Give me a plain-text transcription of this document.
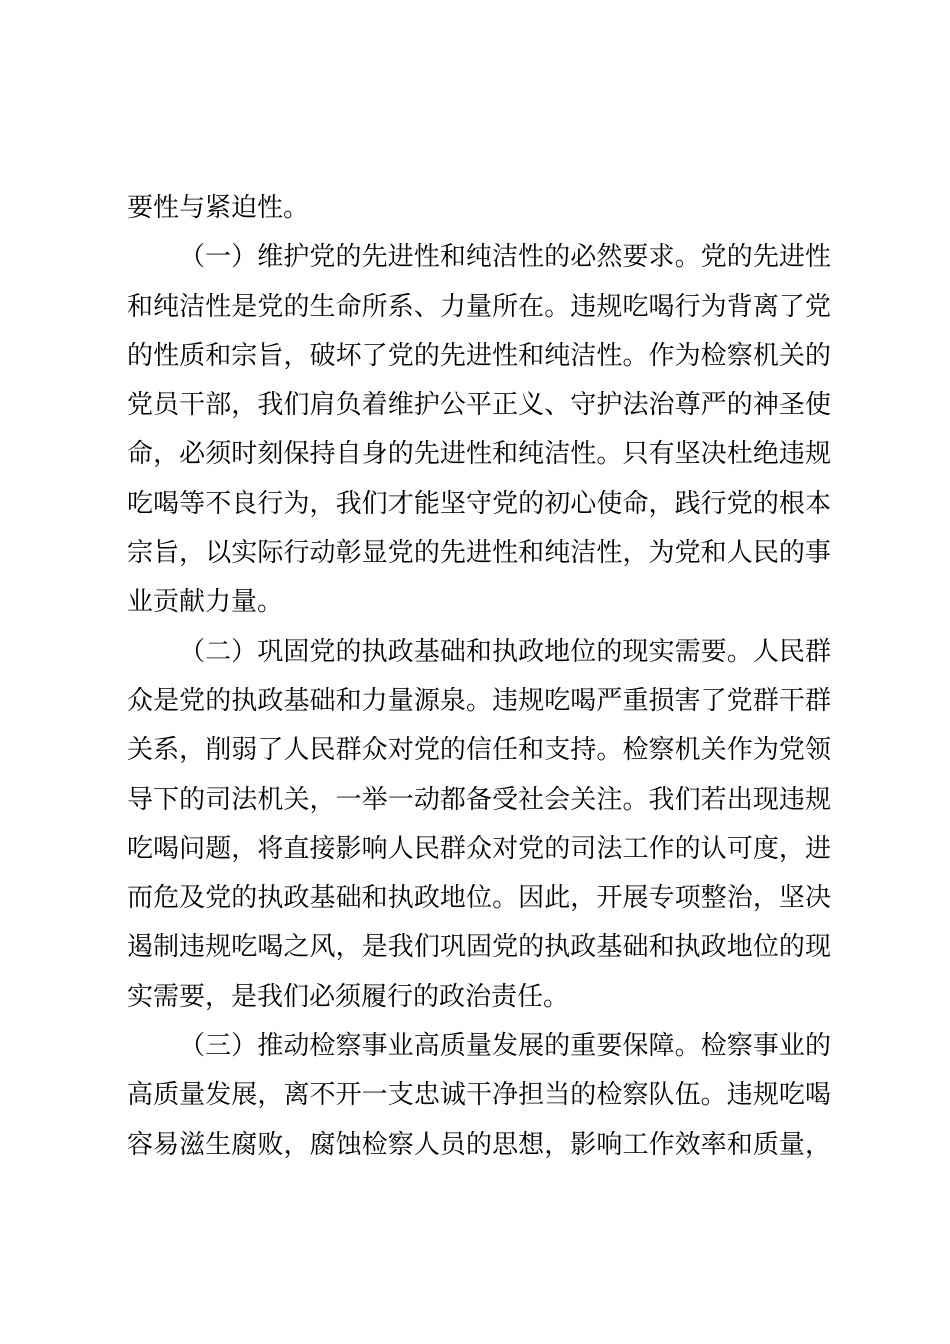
要性与紧迫性。
（一）维护党的先进性和纯洁性的必然要求。党的先进性
和纯洁性是党的生命所系、力量所在。违规吃喝行为背离了党
的性质和宗旨，破坏了党的先进性和纯洁性。作为检察机关的
党员干部，我们肩负着维护公平正义、守护法治尊严的神圣使
命，必须时刻保持自身的先进性和纯洁性。只有坚决杜绝违规
吃喝等不良行为，我们才能坚守党的初心使命，践行党的根本
宗旨，以实际行动彰显党的先进性和纯洁性，为党和人民的事
业贡献力量。
（二）巩固党的执政基础和执政地位的现实需要。人民群
众是党的执政基础和力量源泉。违规吃喝严重损害了党群干群
关系，削弱了人民群众对党的信任和支持。检察机关作为党领
导下的司法机关，一举一动都备受社会关注。我们若出现违规
吃喝问题，将直接影响人民群众对党的司法工作的认可度，进
而危及党的执政基础和执政地位。因此，开展专项整治，坚决
遏制违规吃喝之风，是我们巩固党的执政基础和执政地位的现
实需要，是我们必须履行的政治责任。
（三）推动检察事业高质量发展的重要保障。检察事业的
高质量发展，离不开一支忠诚干净担当的检察队伍。违规吃喝
容易滋生腐败，腐蚀检察人员的思想，影响工作效率和质量，
